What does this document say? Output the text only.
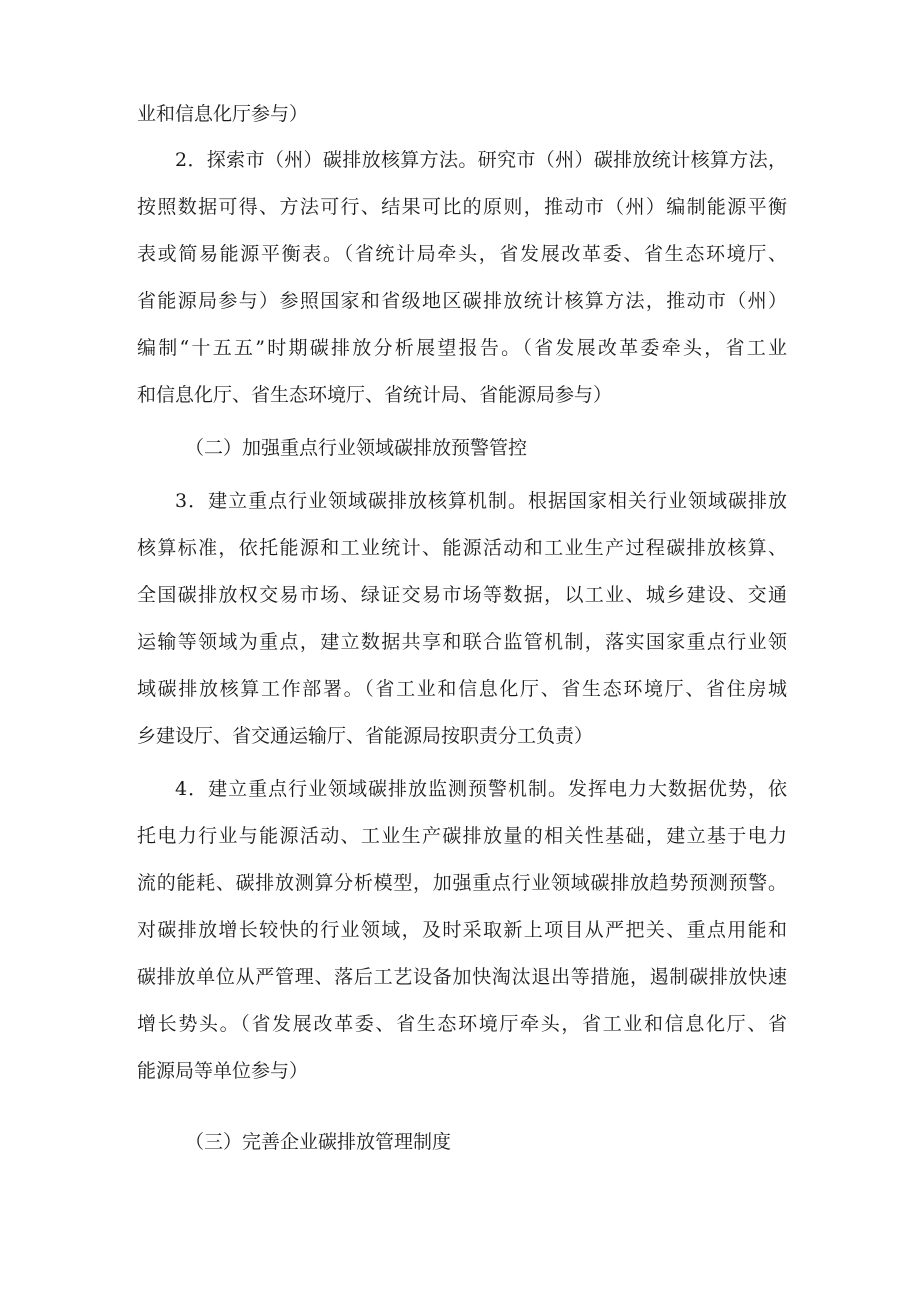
业和信息化厅参与）
2．探索市（州）碳排放核算方法。研究市（州）碳排放统计核算方法，
按照数据可得、方法可行、结果可比的原则，推动市（州）编制能源平衡
表或简易能源平衡表。（省统计局牵头，省发展改革委、省生态环境厅、
省能源局参与）参照国家和省级地区碳排放统计核算方法，推动市（州）
编制“十五五”时期碳排放分析展望报告。（省发展改革委牵头，省工业
和信息化厅、省生态环境厅、省统计局、省能源局参与）
（二）加强重点行业领域碳排放预警管控
3．建立重点行业领域碳排放核算机制。根据国家相关行业领域碳排放
核算标准，依托能源和工业统计、能源活动和工业生产过程碳排放核算、
全国碳排放权交易市场、绿证交易市场等数据，以工业、城乡建设、交通
运输等领域为重点，建立数据共享和联合监管机制，落实国家重点行业领
域碳排放核算工作部署。（省工业和信息化厅、省生态环境厅、省住房城
乡建设厅、省交通运输厅、省能源局按职责分工负责）
4．建立重点行业领域碳排放监测预警机制。发挥电力大数据优势，依
托电力行业与能源活动、工业生产碳排放量的相关性基础，建立基于电力
流的能耗、碳排放测算分析模型，加强重点行业领域碳排放趋势预测预警。
对碳排放增长较快的行业领域，及时采取新上项目从严把关、重点用能和
碳排放单位从严管理、落后工艺设备加快淘汰退出等措施，遏制碳排放快速
增长势头。（省发展改革委、省生态环境厅牵头，省工业和信息化厅、省
能源局等单位参与）
（三）完善企业碳排放管理制度
